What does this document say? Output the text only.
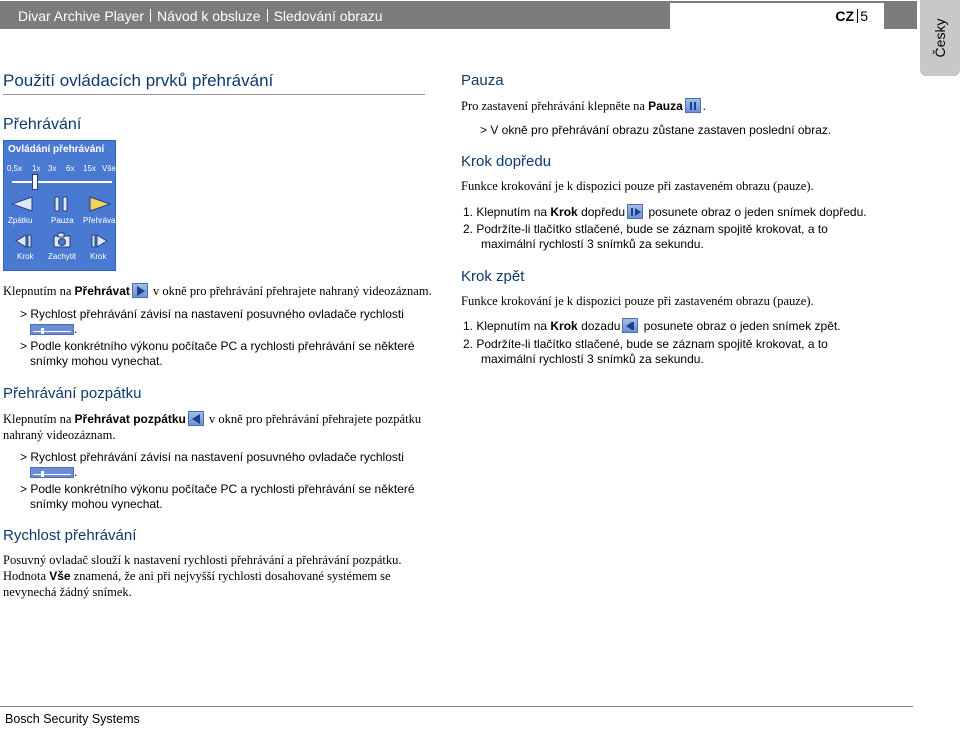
Divar Archive Player Návod k obsluze Sledování obrazu	CZ 5
Česky
Použití ovládacích prvků přehrávání
Přehrávání
Ovládání přehrávání
0,5x 1x 3x 6x 15x Vše
Zpátku Pauza Přehrávat
Krok Zachytit Krok
Klepnutím na Přehrávat v okně pro přehrávání přehrajete nahraný videozáznam.
> Rychlost přehrávání závisí na nastavení posuvného ovladače rychlosti
.
> Podle konkrétního výkonu počítače PC a rychlosti přehrávání se některé
snímky mohou vynechat.
Přehrávání pozpátku
Klepnutím na Přehrávat pozpátku v okně pro přehrávání přehrajete pozpátku
nahraný videozáznam.
> Rychlost přehrávání závisí na nastavení posuvného ovladače rychlosti
.
> Podle konkrétního výkonu počítače PC a rychlosti přehrávání se některé
snímky mohou vynechat.
Rychlost přehrávání
Posuvný ovladač slouží k nastavení rychlosti přehrávání a přehrávání pozpátku.
Hodnota Vše znamená, že ani při nejvyšší rychlosti dosahované systémem se
nevynechá žádný snímek.
Pauza
Pro zastavení přehrávání klepněte na Pauza .
> V okně pro přehrávání obrazu zůstane zastaven poslední obraz.
Krok dopředu
Funkce krokování je k dispozici pouze při zastaveném obrazu (pauze).
1. Klepnutím na Krok dopředu posunete obraz o jeden snímek dopředu.
2. Podržíte-li tlačítko stlačené, bude se záznam spojitě krokovat, a to
maximální rychlostí 3 snímků za sekundu.
Krok zpět
Funkce krokování je k dispozici pouze při zastaveném obrazu (pauze).
1. Klepnutím na Krok dozadu posunete obraz o jeden snímek zpět.
2. Podržíte-li tlačítko stlačené, bude se záznam spojitě krokovat, a to
maximální rychlostí 3 snímků za sekundu.
Bosch Security Systems
